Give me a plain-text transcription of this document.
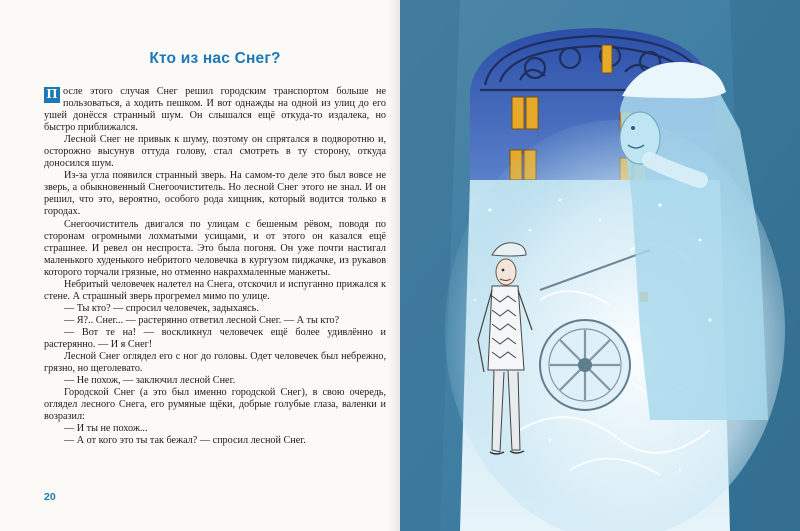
Кто из нас Снег?

П осле этого случая Снег решил городским транспортом больше не пользоваться, а ходить пешком. И вот однажды на одной из улиц до его ушей донёсся странный шум. Он слышался ещё откуда-то издалека, но быстро приближался.

Лесной Снег не привык к шуму, поэтому он спрятался в подворотню и, осторожно высунув оттуда голову, стал смотреть в ту сторону, откуда доносился шум.

Из-за угла появился странный зверь. На самом-то деле это был вовсе не зверь, а обыкновенный Снегоочиститель. Но лесной Снег этого не знал. И он решил, что это, вероятно, особого рода хищник, который водится только в городах.

Снегоочиститель двигался по улицам с бешеным рёвом, поводя по сторонам огромными лохматыми усищами, и от этого он казался ещё страшнее. И ревел он неспроста. Это была погоня. Он уже почти настигал маленького худенького небритого человечка в кургузом пиджачке, из рукавов которого торчали грязные, но отменно накрахмаленные манжеты.

Небритый человечек налетел на Снега, отскочил и испуганно прижался к стене. А страшный зверь прогремел мимо по улице.

— Ты кто? — спросил человечек, задыхаясь.

— Я?.. Снег... — растерянно ответил лесной Снег. — А ты кто?

— Вот те на! — воскликнул человечек ещё более удивлённо и растерянно. — И я Снег!

Лесной Снег оглядел его с ног до головы. Одет человечек был небрежно, грязно, но щеголевато.

— Не похож, — заключил лесной Снег.

Городской Снег (а это был именно городской Снег), в свою очередь, оглядел лесного Снега, его румяные щёки, добрые голубые глаза, валенки и возразил:

— И ты не похож...

— А от кого это ты так бежал? — спросил лесной Снег.

20
